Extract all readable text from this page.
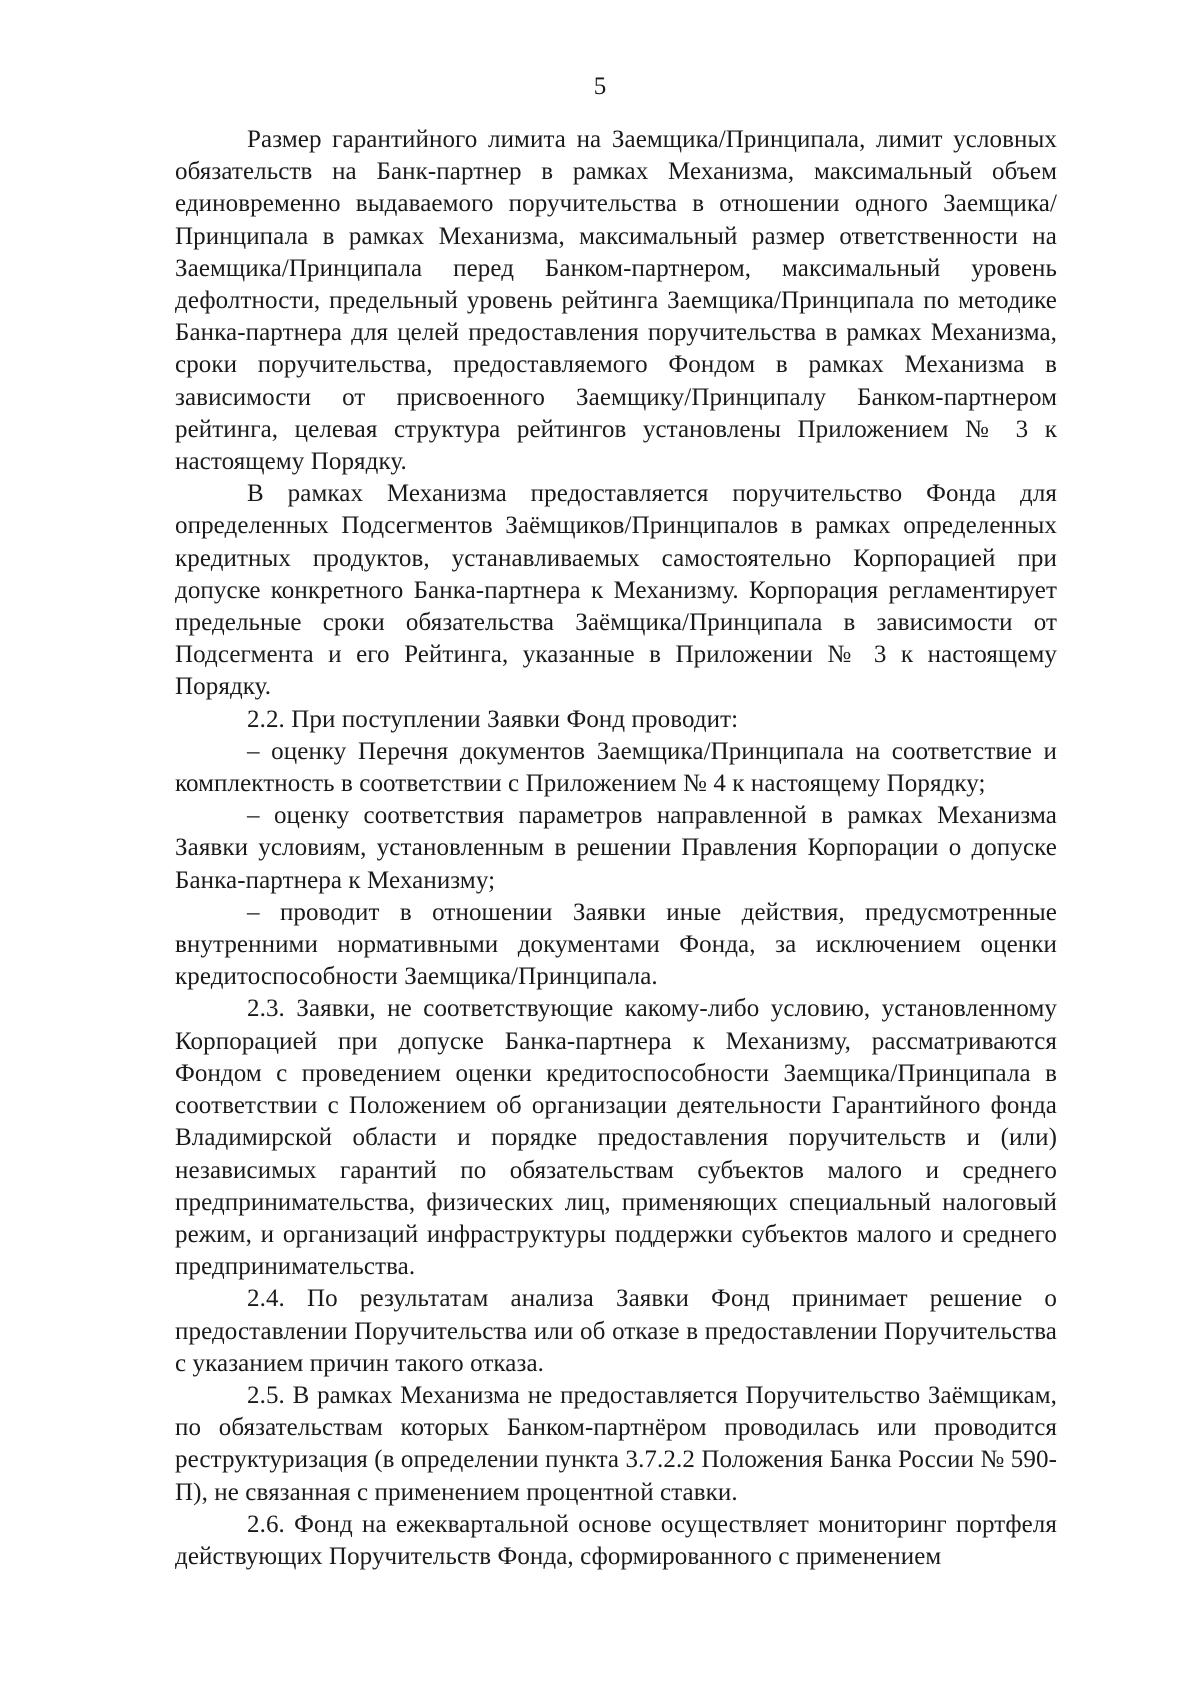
5

Размер гарантийного лимита на Заемщика/Принципала, лимит условных обязательств на Банк-партнер в рамках Механизма, максимальный объем единовременно выдаваемого поручительства в отношении одного Заемщика/Принципала в рамках Механизма, максимальный размер ответственности на Заемщика/Принципала перед Банком-партнером, максимальный уровень дефолтности, предельный уровень рейтинга Заемщика/Принципала по методике Банка-партнера для целей предоставления поручительства в рамках Механизма, сроки поручительства, предоставляемого Фондом в рамках Механизма в зависимости от присвоенного Заемщику/Принципалу Банком-партнером рейтинга, целевая структура рейтингов установлены Приложением № 3 к настоящему Порядку.

В рамках Механизма предоставляется поручительство Фонда для определенных Подсегментов Заёмщиков/Принципалов в рамках определенных кредитных продуктов, устанавливаемых самостоятельно Корпорацией при допуске конкретного Банка-партнера к Механизму. Корпорация регламентирует предельные сроки обязательства Заёмщика/Принципала в зависимости от Подсегмента и его Рейтинга, указанные в Приложении № 3 к настоящему Порядку.

2.2. При поступлении Заявки Фонд проводит:

– оценку Перечня документов Заемщика/Принципала на соответствие и комплектность в соответствии с Приложением № 4 к настоящему Порядку;

– оценку соответствия параметров направленной в рамках Механизма Заявки условиям, установленным в решении Правления Корпорации о допуске Банка-партнера к Механизму;

– проводит в отношении Заявки иные действия, предусмотренные внутренними нормативными документами Фонда, за исключением оценки кредитоспособности Заемщика/Принципала.

2.3. Заявки, не соответствующие какому-либо условию, установленному Корпорацией при допуске Банка-партнера к Механизму, рассматриваются Фондом с проведением оценки кредитоспособности Заемщика/Принципала в соответствии с Положением об организации деятельности Гарантийного фонда Владимирской области и порядке предоставления поручительств и (или) независимых гарантий по обязательствам субъектов малого и среднего предпринимательства, физических лиц, применяющих специальный налоговый режим, и организаций инфраструктуры поддержки субъектов малого и среднего предпринимательства.

2.4. По результатам анализа Заявки Фонд принимает решение о предоставлении Поручительства или об отказе в предоставлении Поручительства с указанием причин такого отказа.

2.5. В рамках Механизма не предоставляется Поручительство Заёмщикам, по обязательствам которых Банком-партнёром проводилась или проводится реструктуризация (в определении пункта 3.7.2.2 Положения Банка России № 590-П), не связанная с применением процентной ставки.

2.6. Фонд на ежеквартальной основе осуществляет мониторинг портфеля действующих Поручительств Фонда, сформированного с применением
